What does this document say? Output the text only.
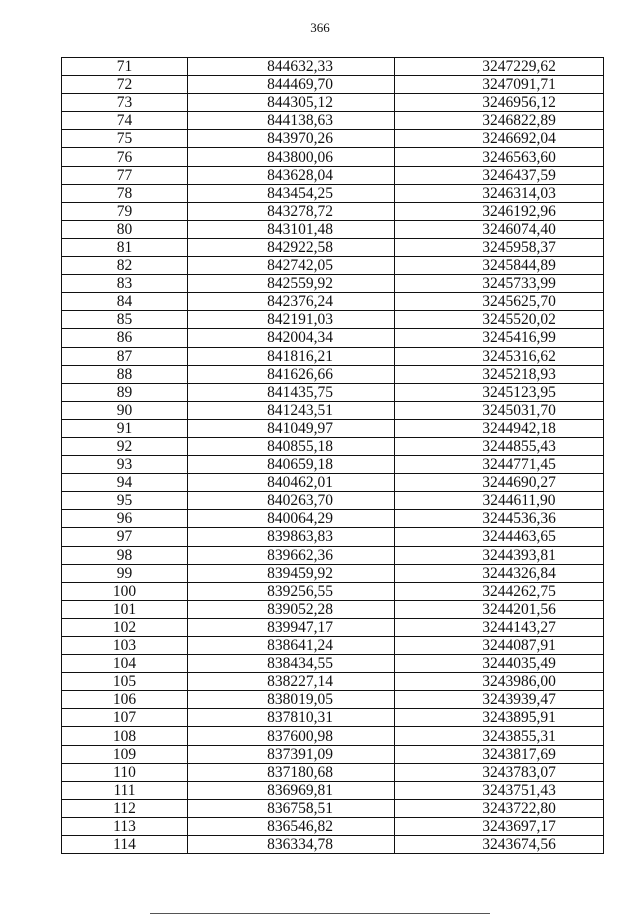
366
71	844632,33	3247229,62
72	844469,70	3247091,71
73	844305,12	3246956,12
74	844138,63	3246822,89
75	843970,26	3246692,04
76	843800,06	3246563,60
77	843628,04	3246437,59
78	843454,25	3246314,03
79	843278,72	3246192,96
80	843101,48	3246074,40
81	842922,58	3245958,37
82	842742,05	3245844,89
83	842559,92	3245733,99
84	842376,24	3245625,70
85	842191,03	3245520,02
86	842004,34	3245416,99
87	841816,21	3245316,62
88	841626,66	3245218,93
89	841435,75	3245123,95
90	841243,51	3245031,70
91	841049,97	3244942,18
92	840855,18	3244855,43
93	840659,18	3244771,45
94	840462,01	3244690,27
95	840263,70	3244611,90
96	840064,29	3244536,36
97	839863,83	3244463,65
98	839662,36	3244393,81
99	839459,92	3244326,84
100	839256,55	3244262,75
101	839052,28	3244201,56
102	839947,17	3244143,27
103	838641,24	3244087,91
104	838434,55	3244035,49
105	838227,14	3243986,00
106	838019,05	3243939,47
107	837810,31	3243895,91
108	837600,98	3243855,31
109	837391,09	3243817,69
110	837180,68	3243783,07
111	836969,81	3243751,43
112	836758,51	3243722,80
113	836546,82	3243697,17
114	836334,78	3243674,56
